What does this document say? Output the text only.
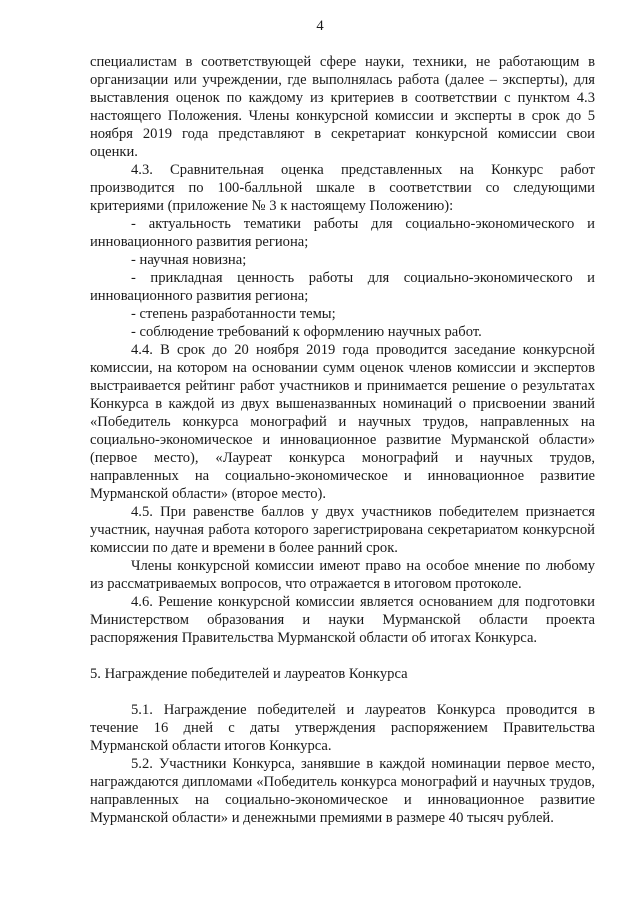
4

специалистам в соответствующей сфере науки, техники, не работающим в организации или учреждении, где выполнялась работа (далее – эксперты), для выставления оценок по каждому из критериев в соответствии с пунктом 4.3 настоящего Положения. Члены конкурсной комиссии и эксперты в срок до 5 ноября 2019 года представляют в секретариат конкурсной комиссии свои оценки.

4.3. Сравнительная оценка представленных на Конкурс работ производится по 100-балльной шкале в соответствии со следующими критериями (приложение № 3 к настоящему Положению):

- актуальность тематики работы для социально-экономического и инновационного развития региона;

- научная новизна;

- прикладная ценность работы для социально-экономического и инновационного развития региона;

- степень разработанности темы;

- соблюдение требований к оформлению научных работ.

4.4. В срок до 20 ноября 2019 года проводится заседание конкурсной комиссии, на котором на основании сумм оценок членов комиссии и экспертов выстраивается рейтинг работ участников и принимается решение о результатах Конкурса в каждой из двух вышеназванных номинаций о присвоении званий «Победитель конкурса монографий и научных трудов, направленных на социально-экономическое и инновационное развитие Мурманской области» (первое место), «Лауреат конкурса монографий и научных трудов, направленных на социально-экономическое и инновационное развитие Мурманской области» (второе место).

4.5. При равенстве баллов у двух участников победителем признается участник, научная работа которого зарегистрирована секретариатом конкурсной комиссии по дате и времени в более ранний срок.

Члены конкурсной комиссии имеют право на особое мнение по любому из рассматриваемых вопросов, что отражается в итоговом протоколе.

4.6. Решение конкурсной комиссии является основанием для подготовки Министерством образования и науки Мурманской области проекта распоряжения Правительства Мурманской области об итогах Конкурса.

5. Награждение победителей и лауреатов Конкурса

5.1. Награждение победителей и лауреатов Конкурса проводится в течение 16 дней с даты утверждения распоряжением Правительства Мурманской области итогов Конкурса.

5.2. Участники Конкурса, занявшие в каждой номинации первое место, награждаются дипломами «Победитель конкурса монографий и научных трудов, направленных на социально-экономическое и инновационное развитие Мурманской области» и денежными премиями в размере 40 тысяч рублей.
